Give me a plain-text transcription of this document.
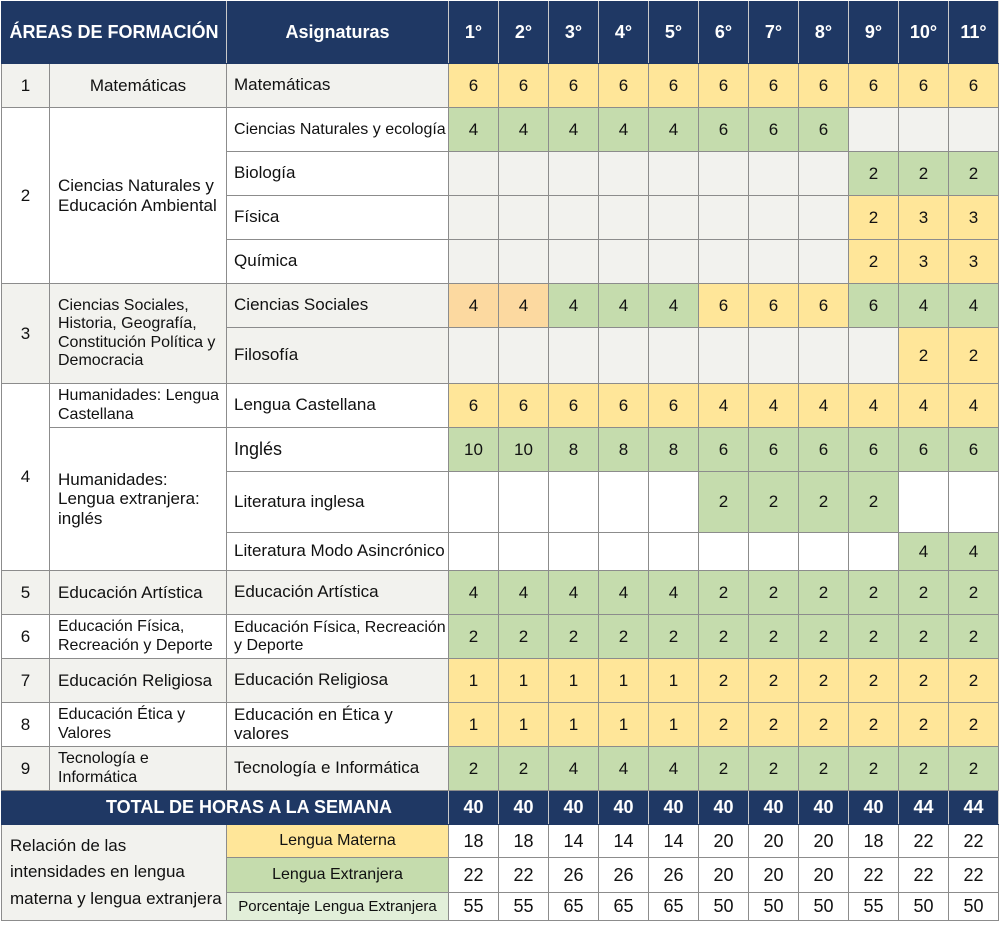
ÁREAS DE FORMACIÓN		Asignaturas	1°	2°	3°	4°	5°	6°	7°	8°	9°	10°	11°
1	Matemáticas	Matemáticas	6	6	6	6	6	6	6	6	6	6	6
2	Ciencias Naturales y Educación Ambiental	Ciencias Naturales y ecología	4	4	4	4	4	6	6	6			
		Biología									2	2	2
		Física									2	3	3
		Química									2	3	3
3	Ciencias Sociales, Historia, Geografía, Constitución Política y Democracia	Ciencias Sociales	4	4	4	4	4	6	6	6	6	4	4
		Filosofía										2	2
4	Humanidades: Lengua Castellana	Lengua Castellana	6	6	6	6	6	4	4	4	4	4	4
	Humanidades: Lengua extranjera: inglés	Inglés	10	10	8	8	8	6	6	6	6	6	6
		Literatura inglesa						2	2	2	2		
		Literatura Modo Asincrónico										4	4
5	Educación Artística	Educación Artística	4	4	4	4	4	2	2	2	2	2	2
6	Educación Física, Recreación y Deporte	Educación Física, Recreación y Deporte	2	2	2	2	2	2	2	2	2	2	2
7	Educación Religiosa	Educación Religiosa	1	1	1	1	1	2	2	2	2	2	2
8	Educación Ética y Valores	Educación en Ética y valores	1	1	1	1	1	2	2	2	2	2	2
9	Tecnología e Informática	Tecnología e Informática	2	2	4	4	4	2	2	2	2	2	2
	TOTAL DE HORAS A LA SEMANA		40	40	40	40	40	40	40	40	40	44	44
Relación de las intensidades en lengua materna y lengua extranjera		Lengua Materna	18	18	14	14	14	20	20	20	18	22	22
		Lengua Extranjera	22	22	26	26	26	20	20	20	22	22	22
		Porcentaje Lengua Extranjera	55	55	65	65	65	50	50	50	55	50	50
